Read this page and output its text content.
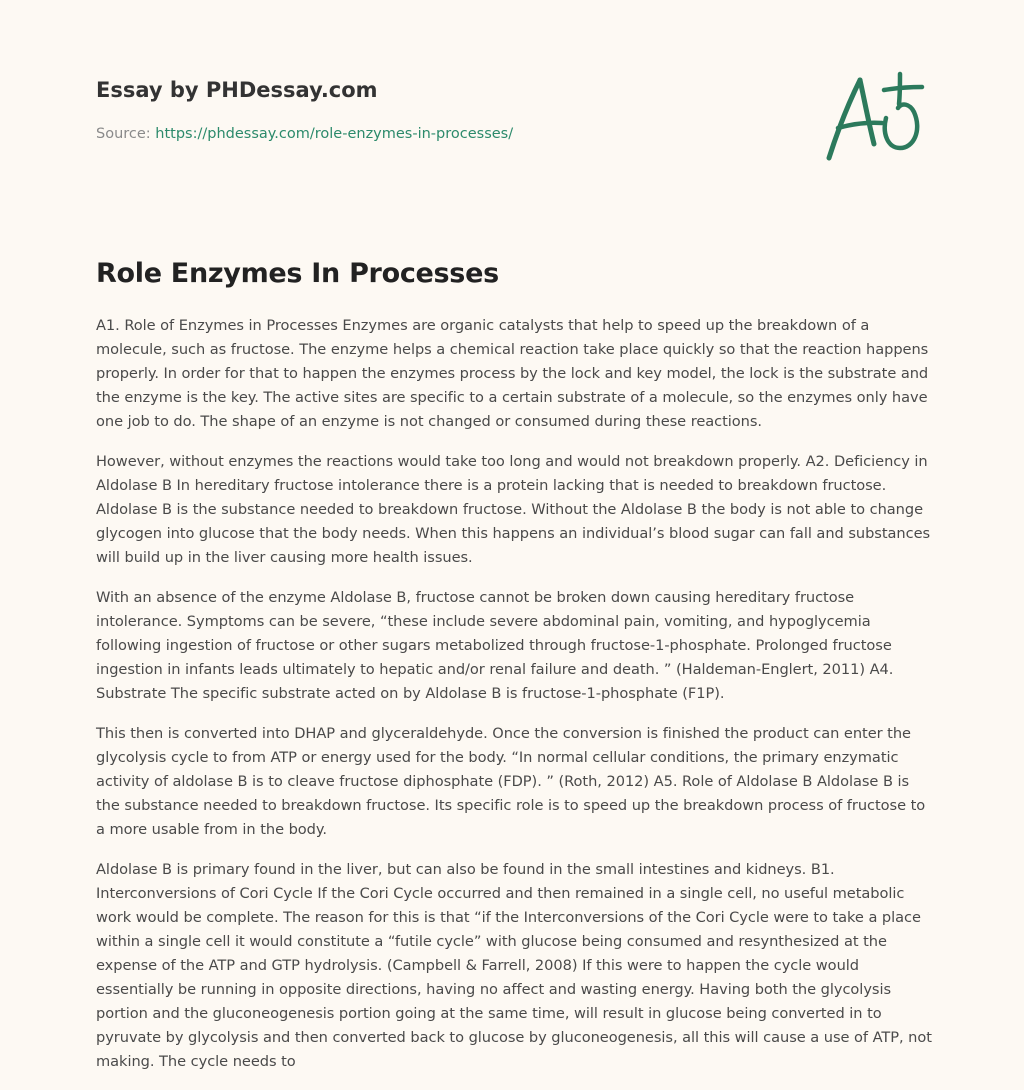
Essay by PHDessay.com
Source: https://phdessay.com/role-enzymes-in-processes/
Role Enzymes In Processes

A1. Role of Enzymes in Processes Enzymes are organic catalysts that help to speed up the breakdown of a molecule, such as fructose. The enzyme helps a chemical reaction take place quickly so that the reaction happens properly. In order for that to happen the enzymes process by the lock and key model, the lock is the substrate and the enzyme is the key. The active sites are specific to a certain substrate of a molecule, so the enzymes only have one job to do. The shape of an enzyme is not changed or consumed during these reactions.

However, without enzymes the reactions would take too long and would not breakdown properly. A2. Deficiency in Aldolase B In hereditary fructose intolerance there is a protein lacking that is needed to breakdown fructose. Aldolase B is the substance needed to breakdown fructose. Without the Aldolase B the body is not able to change glycogen into glucose that the body needs. When this happens an individual’s blood sugar can fall and substances will build up in the liver causing more health issues.

With an absence of the enzyme Aldolase B, fructose cannot be broken down causing hereditary fructose intolerance. Symptoms can be severe, “these include severe abdominal pain, vomiting, and hypoglycemia following ingestion of fructose or other sugars metabolized through fructose-1-phosphate. Prolonged fructose ingestion in infants leads ultimately to hepatic and/or renal failure and death. ” (Haldeman-Englert, 2011) A4. Substrate The specific substrate acted on by Aldolase B is fructose-1-phosphate (F1P).

This then is converted into DHAP and glyceraldehyde. Once the conversion is finished the product can enter the glycolysis cycle to from ATP or energy used for the body. “In normal cellular conditions, the primary enzymatic activity of aldolase B is to cleave fructose diphosphate (FDP). ” (Roth, 2012) A5. Role of Aldolase B Aldolase B is the substance needed to breakdown fructose. Its specific role is to speed up the breakdown process of fructose to a more usable from in the body.

Aldolase B is primary found in the liver, but can also be found in the small intestines and kidneys. B1. Interconversions of Cori Cycle If the Cori Cycle occurred and then remained in a single cell, no useful metabolic work would be complete. The reason for this is that “if the Interconversions of the Cori Cycle were to take a place within a single cell it would constitute a “futile cycle” with glucose being consumed and resynthesized at the expense of the ATP and GTP hydrolysis. (Campbell & Farrell, 2008) If this were to happen the cycle would essentially be running in opposite directions, having no affect and wasting energy. Having both the glycolysis portion and the gluconeogenesis portion going at the same time, will result in glucose being converted in to pyruvate by glycolysis and then converted back to glucose by gluconeogenesis, all this will cause a use of ATP, not making. The cycle needs to
